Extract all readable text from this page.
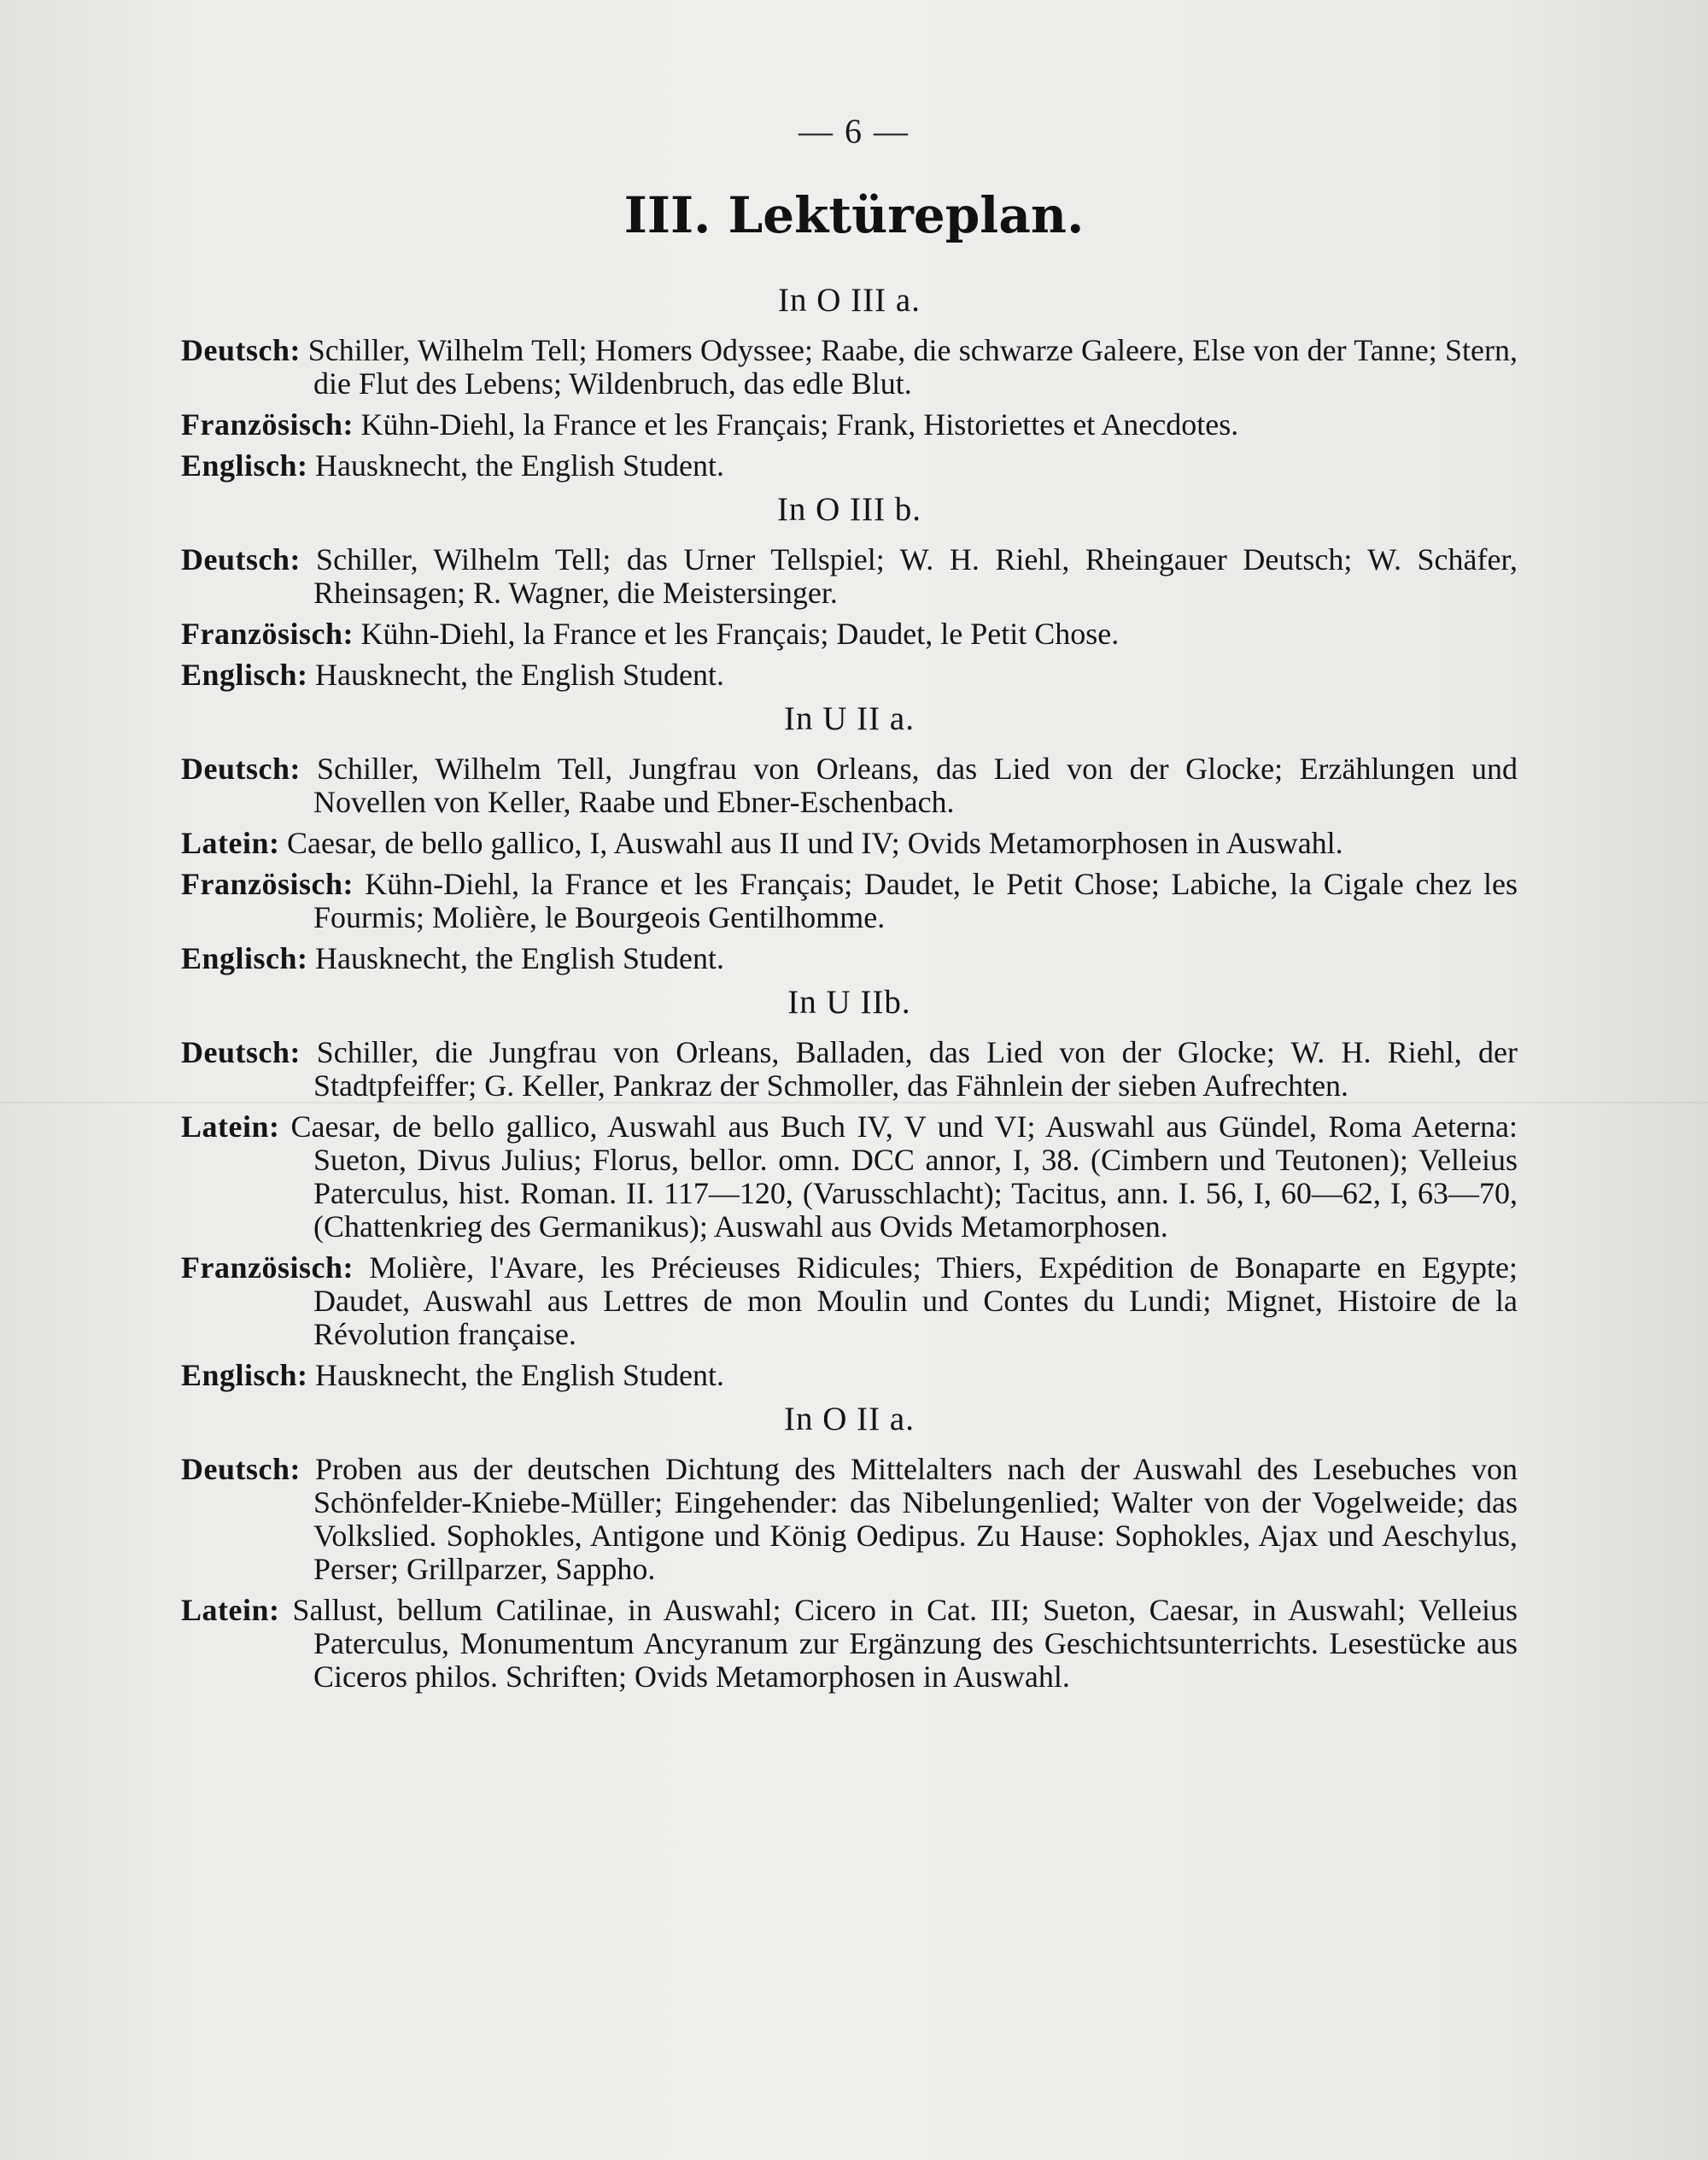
— 6 —
III. Lektüreplan.
In O III a.

Deutsch: Schiller, Wilhelm Tell; Homers Odyssee; Raabe, die schwarze Galeere, Else von der Tanne; Stern, die Flut des Lebens; Wildenbruch, das edle Blut.

Französisch: Kühn-Diehl, la France et les Français; Frank, Historiettes et Anecdotes.

Englisch: Hausknecht, the English Student.

In O III b.

Deutsch: Schiller, Wilhelm Tell; das Urner Tellspiel; W. H. Riehl, Rheingauer Deutsch; W. Schäfer, Rheinsagen; R. Wagner, die Meistersinger.

Französisch: Kühn-Diehl, la France et les Français; Daudet, le Petit Chose.

Englisch: Hausknecht, the English Student.

In U II a.

Deutsch: Schiller, Wilhelm Tell, Jungfrau von Orleans, das Lied von der Glocke; Erzählungen und Novellen von Keller, Raabe und Ebner-Eschenbach.

Latein: Caesar, de bello gallico, I, Auswahl aus II und IV; Ovids Metamorphosen in Auswahl.

Französisch: Kühn-Diehl, la France et les Français; Daudet, le Petit Chose; Labiche, la Cigale chez les Fourmis; Molière, le Bourgeois Gentilhomme.

Englisch: Hausknecht, the English Student.

In U IIb.

Deutsch: Schiller, die Jungfrau von Orleans, Balladen, das Lied von der Glocke; W. H. Riehl, der Stadtpfeiffer; G. Keller, Pankraz der Schmoller, das Fähnlein der sieben Aufrechten.

Latein: Caesar, de bello gallico, Auswahl aus Buch IV, V und VI; Auswahl aus Gündel, Roma Aeterna: Sueton, Divus Julius; Florus, bellor. omn. DCC annor, I, 38. (Cimbern und Teutonen); Velleius Paterculus, hist. Roman. II. 117—120, (Varusschlacht); Tacitus, ann. I. 56, I, 60—62, I, 63—70, (Chattenkrieg des Germanikus); Auswahl aus Ovids Metamorphosen.

Französisch: Molière, l'Avare, les Précieuses Ridicules; Thiers, Expédition de Bonaparte en Egypte; Daudet, Auswahl aus Lettres de mon Moulin und Contes du Lundi; Mignet, Histoire de la Révolution française.

Englisch: Hausknecht, the English Student.

In O II a.

Deutsch: Proben aus der deutschen Dichtung des Mittelalters nach der Auswahl des Lesebuches von Schönfelder-Kniebe-Müller; Eingehender: das Nibelungenlied; Walter von der Vogelweide; das Volkslied. Sophokles, Antigone und König Oedipus. Zu Hause: Sophokles, Ajax und Aeschylus, Perser; Grillparzer, Sappho.

Latein: Sallust, bellum Catilinae, in Auswahl; Cicero in Cat. III; Sueton, Caesar, in Auswahl; Velleius Paterculus, Monumentum Ancyranum zur Ergänzung des Geschichtsunterrichts. Lesestücke aus Ciceros philos. Schriften; Ovids Metamorphosen in Auswahl.
